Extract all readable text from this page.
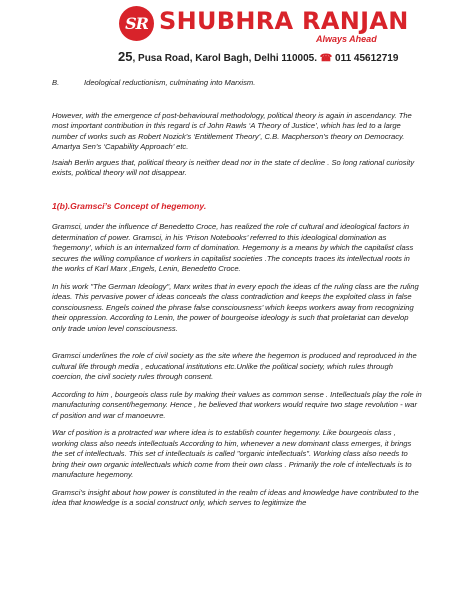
SR SHUBHRA RANJAN
Always Ahead
25, Pusa Road, Karol Bagh, Delhi 110005. ☎ 011 45612719

B.	Ideological reductionism, culminating into Marxism.

However, with the emergence cf post-behavioural methodology, political theory is again in ascendancy. The most important contribution in this regard is cf John Rawls ‘A Theory of Justice’, which has led to a large number cf works such as Robert Nozick’s ‘Entitlement Theory’, C.B. Macpherson’s theory on Democracy. Amartya Sen’s ‘Capability Approach’ etc.

Isaiah Berlin argues that, political theory is neither dead nor in the state cf decline . So long rational curiosity exists, political theory will not disappear.

1(b).Gramsci’s Concept of hegemony.

Gramsci, under the influence cf Benedetto Croce, has realized the role cf cultural and ideological factors in determination cf power. Gramsci, in his ‘Prison Notebooks’ referred to this ideological domination as ‘hegemony’, which is an internalized form cf domination. Hegemony is a means by which the capitalist class secures the willing compliance cf workers in capitalist societies .The concepts traces its intellectual roots in the works cf Karl Marx ,Engels, Lenin, Benedetto Croce.

In his work "The German Ideology", Marx writes that in every epoch the ideas cf the ruling class are the ruling ideas. This pervasive power cf ideas conceals the class contradiction and keeps the exploited class in false consciousness. Engels coined the phrase false consciousness’ which keeps workers away from recognizing their oppression. According to Lenin, the power of bourgeoise ideology is such that proletariat can develop only trade union level consciousness.

Gramsci underlines the role cf civil society as the site where the hegemon is produced and reproduced in the cultural life through media , educational institutions etc.Unlike the political society, which rules through coercion, the civil society rules through consent.

According to him , bourgeois class rule by making their values as common sense . Intellectuals play the role in manufacturing consent/hegemony. Hence , he believed that workers would require two stage revolution - war cf position and war cf manoeuvre.

War cf position is a protracted war where idea is to establish counter hegemony. Like bourgeois class , working class also needs intellectuals According to him, whenever a new dominant class emerges, it brings the set cf intellectuals. This set cf intellectuals is called "organic intellectuals". Working class also needs to bring their own organic intellectuals which come from their own class . Primarily the role cf intellectuals is to manufacture hegemony.

Gramsci’s insight about how power is constituted in the realm cf ideas and knowledge have contributed to the idea that knowledge is a social construct only, which serves to legitimize the
